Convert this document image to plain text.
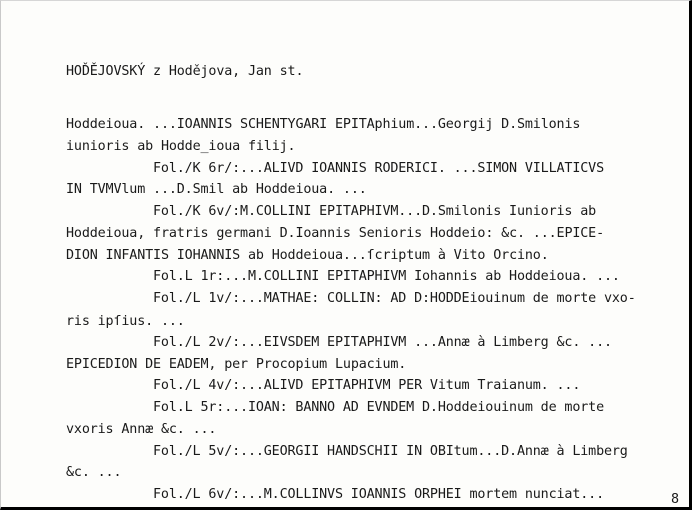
HOĎĚJOVSKÝ z Hodějova, Jan st.
Hoddeioua. ...IOANNIS SCHENTYGARI EPITAphium...Georgij D.Smilonis
iunioris ab Hodde_ioua filij.
Fol./K 6r/:...ALIVD IOANNIS RODERICI. ...SIMON VILLATICVS
IN TVMVlum ...D.Smil ab Hoddeioua. ...
Fol./K 6v/:M.COLLINI EPITAPHIVM...D.Smilonis Iunioris ab
Hoddeioua, fratris germani D.Ioannis Senioris Hoddeio: &c. ...EPICE-
DION INFANTIS IOHANNIS ab Hoddeioua...ſcriptum à Vito Orcino.
Fol.L 1r:...M.COLLINI EPITAPHIVM Iohannis ab Hoddeioua. ...
Fol./L 1v/:...MATHAE: COLLIN: AD D:HODDEiouinum de morte vxo-
ris ipſius. ...
Fol./L 2v/:...EIVSDEM EPITAPHIVM ...Annæ à Limberg &c. ...
EPICEDION DE EADEM, per Procopium Lupacium.
Fol./L 4v/:...ALIVD EPITAPHIVM PER Vitum Traianum. ...
Fol.L 5r:...IOAN: BANNO AD EVNDEM D.Hoddeiouinum de morte
vxoris Annæ &c. ...
Fol./L 5v/:...GEORGII HANDSCHII IN OBItum...D.Annæ à Limberg
&c. ...
Fol./L 6v/:...M.COLLINVS IOANNIS ORPHEI mortem nunciat...	8
